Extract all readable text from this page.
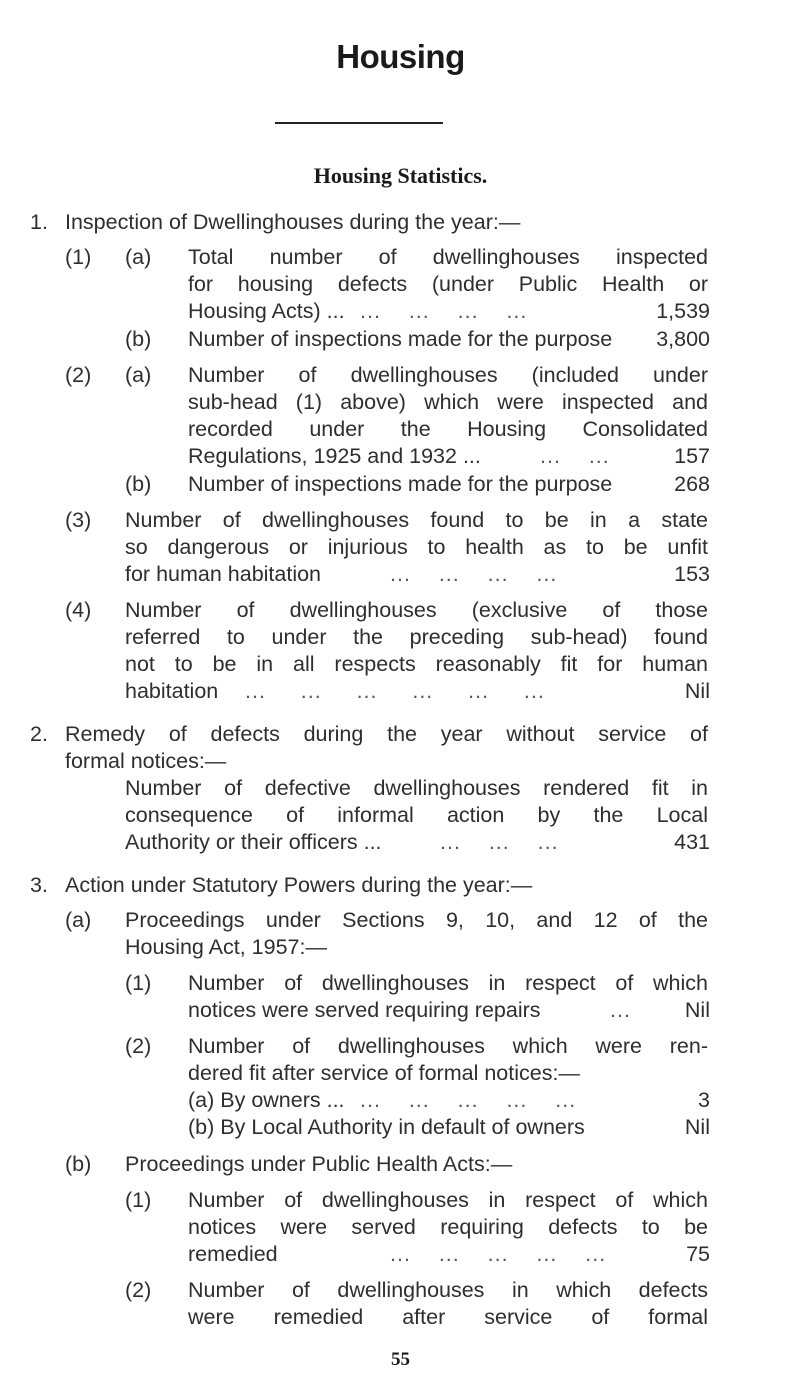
Housing
Housing Statistics.
1. Inspection of Dwellinghouses during the year:—
(1) (a) Total number of dwellinghouses inspected
for housing defects (under Public Health or
Housing Acts) ... ...    ...    ...    ...	1,539
(b) Number of inspections made for the purpose 3,800
(2) (a) Number of dwellinghouses (included under
sub-head (1) above) which were inspected and
recorded under the Housing Consolidated
Regulations, 1925 and 1932 ...	...    ...	157
(b) Number of inspections made for the purpose	268
(3) Number of dwellinghouses found to be in a state
so dangerous or injurious to health as to be unfit
for human habitation	...    ...    ...    ...	153
(4) Number of dwellinghouses (exclusive of those
referred to under the preceding sub-head) found
not to be in all respects reasonably fit for human
habitation ...     ...     ...     ...     ...     ...	Nil
2. Remedy of defects during the year without service of
formal notices:—
Number of defective dwellinghouses rendered fit in
consequence of informal action by the Local
Authority or their officers ...	...    ...    ...	431
3. Action under Statutory Powers during the year:—
(a) Proceedings under Sections 9, 10, and 12 of the
Housing Act, 1957:—
(1) Number of dwellinghouses in respect of which
notices were served requiring repairs	...	Nil
(2) Number of dwellinghouses which were ren-
dered fit after service of formal notices:—
(a) By owners ... ...    ...    ...    ...    ...	3
(b) By Local Authority in default of owners	Nil
(b) Proceedings under Public Health Acts:—
(1) Number of dwellinghouses in respect of which
notices were served requiring defects to be
remedied	...    ...    ...    ...    ...	75
(2) Number of dwellinghouses in which defects
were remedied after service of formal
55
